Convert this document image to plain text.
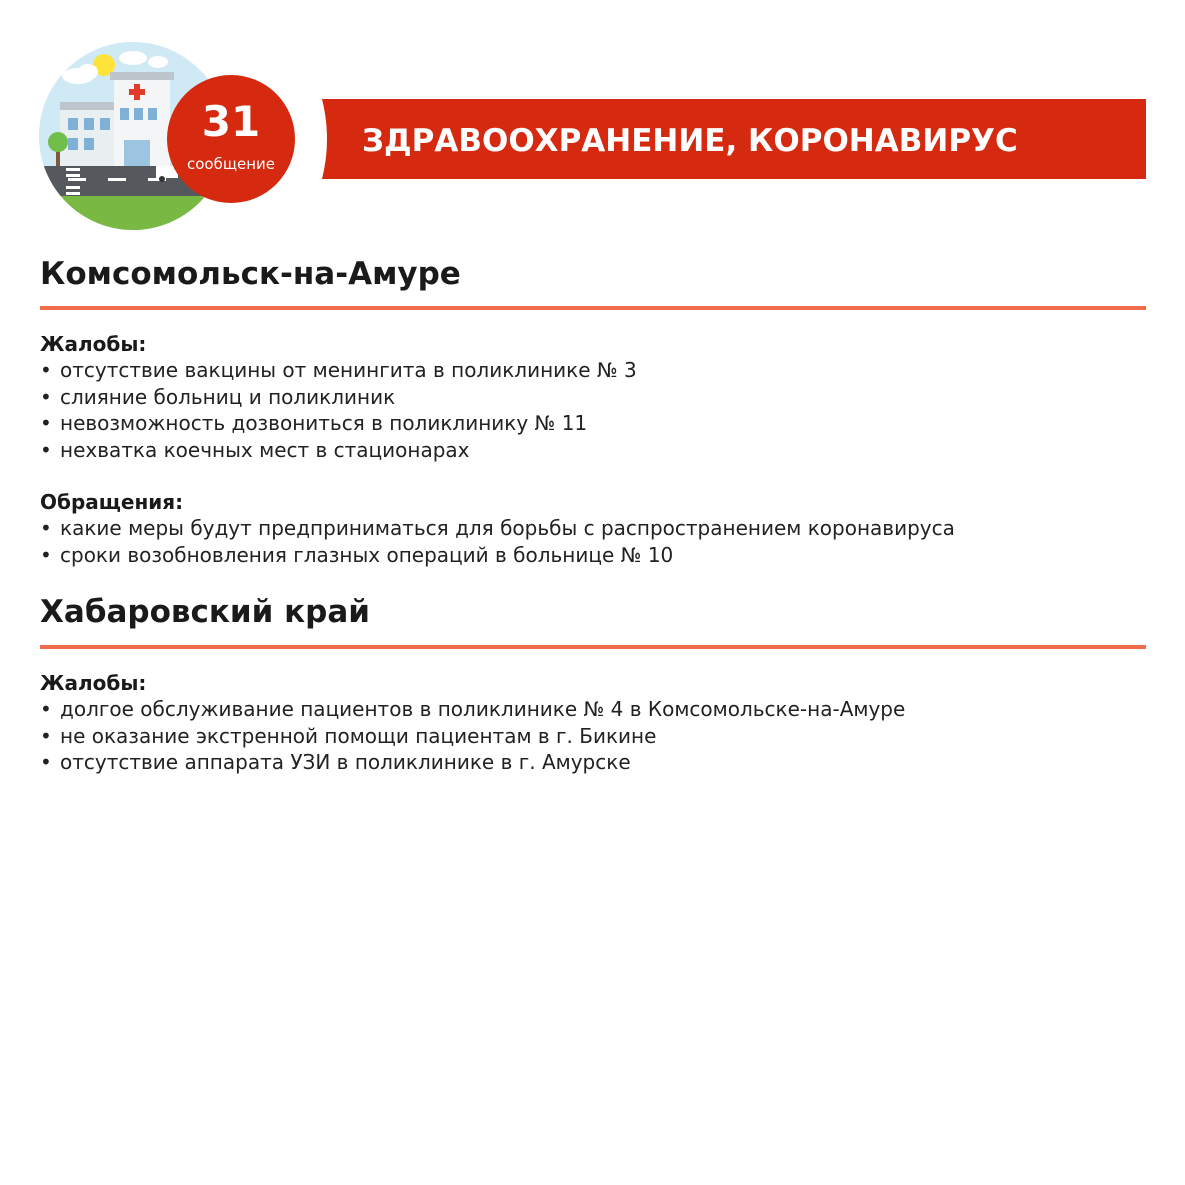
31
сообщение
ЗДРАВООХРАНЕНИЕ, КОРОНАВИРУС
Комсомольск-на-Амуре
Жалобы:
• отсутствие вакцины от менингита в поликлинике № 3
• слияние больниц и поликлиник
• невозможность дозвониться в поликлинику № 11
• нехватка коечных мест в стационарах
Обращения:
• какие меры будут предприниматься для борьбы с распространением коронавируса
• сроки возобновления глазных операций в больнице № 10
Хабаровский край
Жалобы:
• долгое обслуживание пациентов в поликлинике № 4 в Комсомольске-на-Амуре
• не оказание экстренной помощи пациентам в г. Бикине
• отсутствие аппарата УЗИ в поликлинике в г. Амурске
